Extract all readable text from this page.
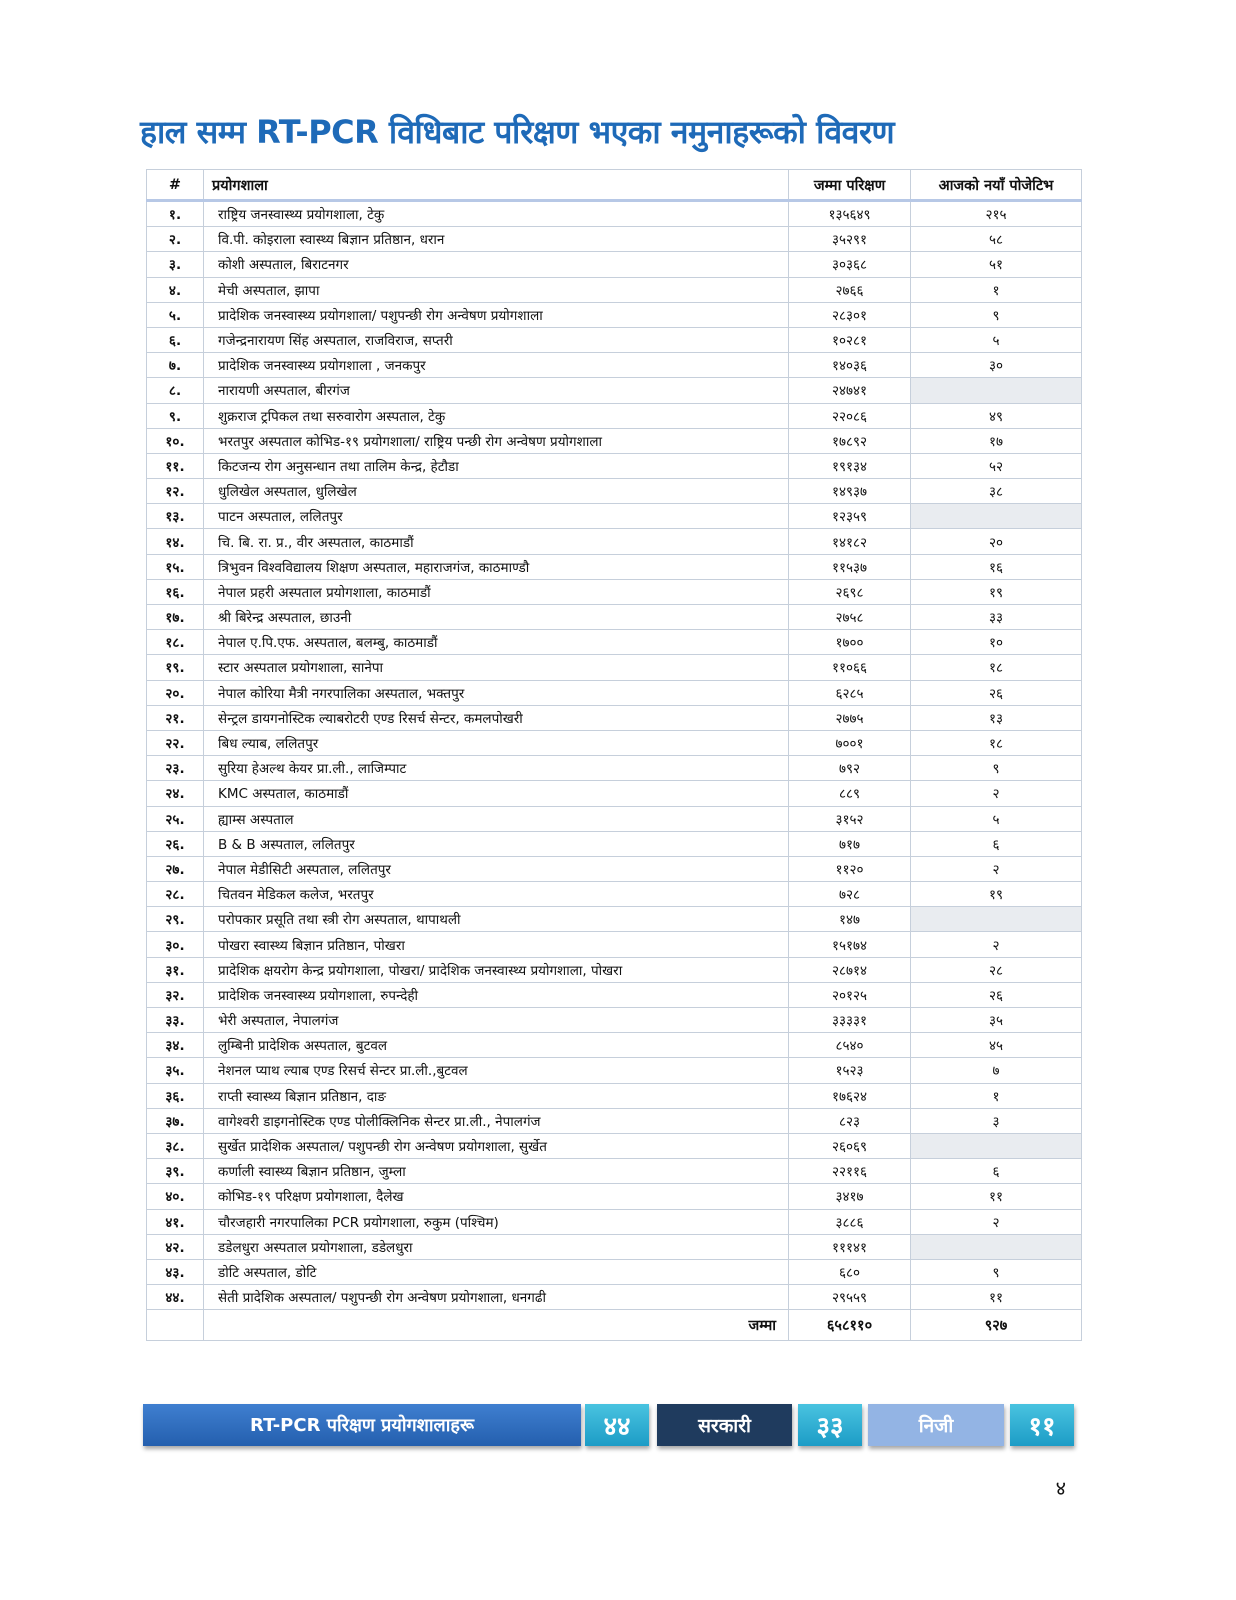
हाल सम्म RT-PCR विधिबाट परिक्षण भएका नमुनाहरूको विवरण
#	प्रयोगशाला	जम्मा परिक्षण	आजको नयाँ पोजेटिभ
१.	राष्ट्रिय जनस्वास्थ्य प्रयोगशाला, टेकु	१३५६४९	२१५
२.	वि.पी. कोइराला स्वास्थ्य बिज्ञान प्रतिष्ठान, धरान	३५२९१	५८
३.	कोशी अस्पताल, बिराटनगर	३०३६८	५१
४.	मेची अस्पताल, झापा	२७६६	१
५.	प्रादेशिक जनस्वास्थ्य प्रयोगशाला/ पशुपन्छी रोग अन्वेषण प्रयोगशाला	२८३०१	९
६.	गजेन्द्रनारायण सिंह अस्पताल, राजविराज, सप्तरी	१०२८१	५
७.	प्रादेशिक जनस्वास्थ्य प्रयोगशाला , जनकपुर	१४०३६	३०
८.	नारायणी अस्पताल, बीरगंज	२४७४१	
९.	शुक्रराज ट्रपिकल तथा सरुवारोग अस्पताल, टेकु	२२०८६	४९
१०.	भरतपुर अस्पताल कोभिड-१९ प्रयोगशाला/ राष्ट्रिय पन्छी रोग अन्वेषण प्रयोगशाला	१७८९२	१७
११.	किटजन्य रोग अनुसन्धान तथा तालिम केन्द्र, हेटौडा	१९१३४	५२
१२.	धुलिखेल अस्पताल, धुलिखेल	१४९३७	३८
१३.	पाटन अस्पताल, ललितपुर	१२३५९	
१४.	चि. बि. रा. प्र., वीर अस्पताल, काठमाडौं	१४१८२	२०
१५.	त्रिभुवन विश्वविद्यालय शिक्षण अस्पताल, महाराजगंज, काठमाण्डौ	११५३७	१६
१६.	नेपाल प्रहरी अस्पताल प्रयोगशाला, काठमाडौं	२६९८	१९
१७.	श्री बिरेन्द्र अस्पताल, छाउनी	२७५८	३३
१८.	नेपाल ए.पि.एफ. अस्पताल, बलम्बु, काठमाडौं	१७००	१०
१९.	स्टार अस्पताल प्रयोगशाला, सानेपा	११०६६	१८
२०.	नेपाल कोरिया मैत्री नगरपालिका अस्पताल, भक्तपुर	६२८५	२६
२१.	सेन्ट्रल डायगनोस्टिक ल्याबरोटरी एण्ड रिसर्च सेन्टर, कमलपोखरी	२७७५	१३
२२.	बिध ल्याब, ललितपुर	७००१	१८
२३.	सुरिया हेअल्थ केयर प्रा.ली., लाजिम्पाट	७९२	९
२४.	KMC अस्पताल, काठमाडौं	८८९	२
२५.	ह्याम्स अस्पताल	३१५२	५
२६.	B & B अस्पताल, ललितपुर	७१७	६
२७.	नेपाल मेडीसिटी अस्पताल, ललितपुर	११२०	२
२८.	चितवन मेडिकल कलेज, भरतपुर	७२८	१९
२९.	परोपकार प्रसूति तथा स्त्री रोग अस्पताल, थापाथली	१४७	
३०.	पोखरा स्वास्थ्य बिज्ञान प्रतिष्ठान, पोखरा	१५१७४	२
३१.	प्रादेशिक क्षयरोग केन्द्र प्रयोगशाला, पोखरा/ प्रादेशिक जनस्वास्थ्य प्रयोगशाला, पोखरा	२८७१४	२८
३२.	प्रादेशिक जनस्वास्थ्य प्रयोगशाला, रुपन्देही	२०१२५	२६
३३.	भेरी अस्पताल, नेपालगंज	३३३३१	३५
३४.	लुम्बिनी प्रादेशिक अस्पताल, बुटवल	८५४०	४५
३५.	नेशनल प्याथ ल्याब एण्ड रिसर्च सेन्टर प्रा.ली.,बुटवल	१५२३	७
३६.	राप्ती स्वास्थ्य बिज्ञान प्रतिष्ठान, दाङ	१७६२४	१
३७.	वागेश्वरी डाइगनोस्टिक एण्ड पोलीक्लिनिक सेन्टर प्रा.ली., नेपालगंज	८२३	३
३८.	सुर्खेत प्रादेशिक अस्पताल/ पशुपन्छी रोग अन्वेषण प्रयोगशाला, सुर्खेत	२६०६९	
३९.	कर्णाली स्वास्थ्य बिज्ञान प्रतिष्ठान, जुम्ला	२२११६	६
४०.	कोभिड-१९ परिक्षण प्रयोगशाला, दैलेख	३४१७	११
४१.	चौरजहारी नगरपालिका PCR प्रयोगशाला, रुकुम (पश्चिम)	३८८६	२
४२.	डडेलधुरा अस्पताल प्रयोगशाला, डडेलधुरा	१११४१	
४३.	डोटि अस्पताल, डोटि	६८०	९
४४.	सेती प्रादेशिक अस्पताल/ पशुपन्छी रोग अन्वेषण प्रयोगशाला, धनगढी	२९५५९	११
	जम्मा	६५८११०	९२७
RT-PCR परिक्षण प्रयोगशालाहरू	४४	सरकारी	३३	निजी	११
४
